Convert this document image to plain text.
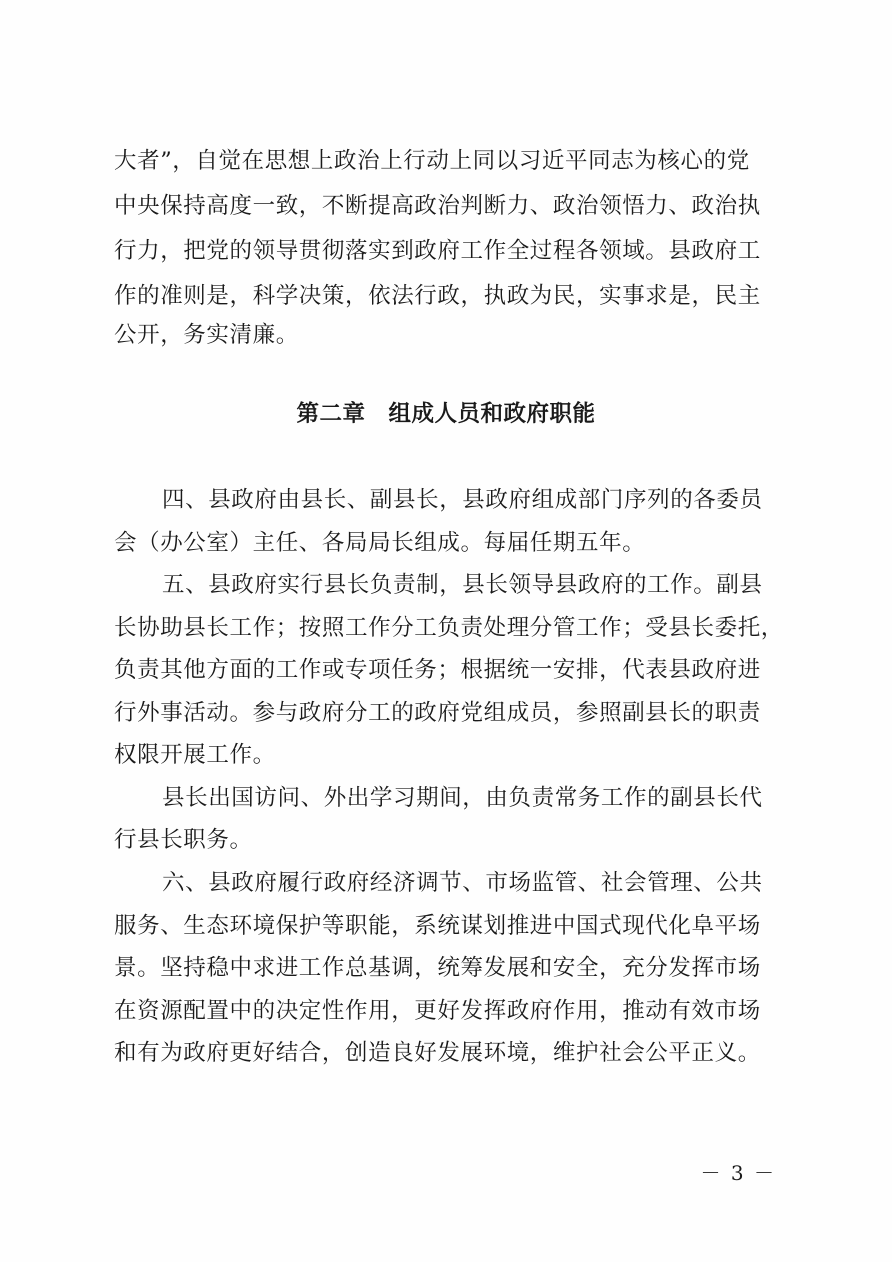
大者”，自觉在思想上政治上行动上同以习近平同志为核心的党
中央保持高度一致，不断提高政治判断力、政治领悟力、政治执
行力，把党的领导贯彻落实到政府工作全过程各领域。县政府工
作的准则是，科学决策，依法行政，执政为民，实事求是，民主
公开，务实清廉。
第二章　组成人员和政府职能
四、县政府由县长、副县长，县政府组成部门序列的各委员
会（办公室）主任、各局局长组成。每届任期五年。
五、县政府实行县长负责制，县长领导县政府的工作。副县
长协助县长工作；按照工作分工负责处理分管工作；受县长委托，
负责其他方面的工作或专项任务；根据统一安排，代表县政府进
行外事活动。参与政府分工的政府党组成员，参照副县长的职责
权限开展工作。
县长出国访问、外出学习期间，由负责常务工作的副县长代
行县长职务。
六、县政府履行政府经济调节、市场监管、社会管理、公共
服务、生态环境保护等职能，系统谋划推进中国式现代化阜平场
景。坚持稳中求进工作总基调，统筹发展和安全，充分发挥市场
在资源配置中的决定性作用，更好发挥政府作用，推动有效市场
和有为政府更好结合，创造良好发展环境，维护社会公平正义。
－ 3 －
